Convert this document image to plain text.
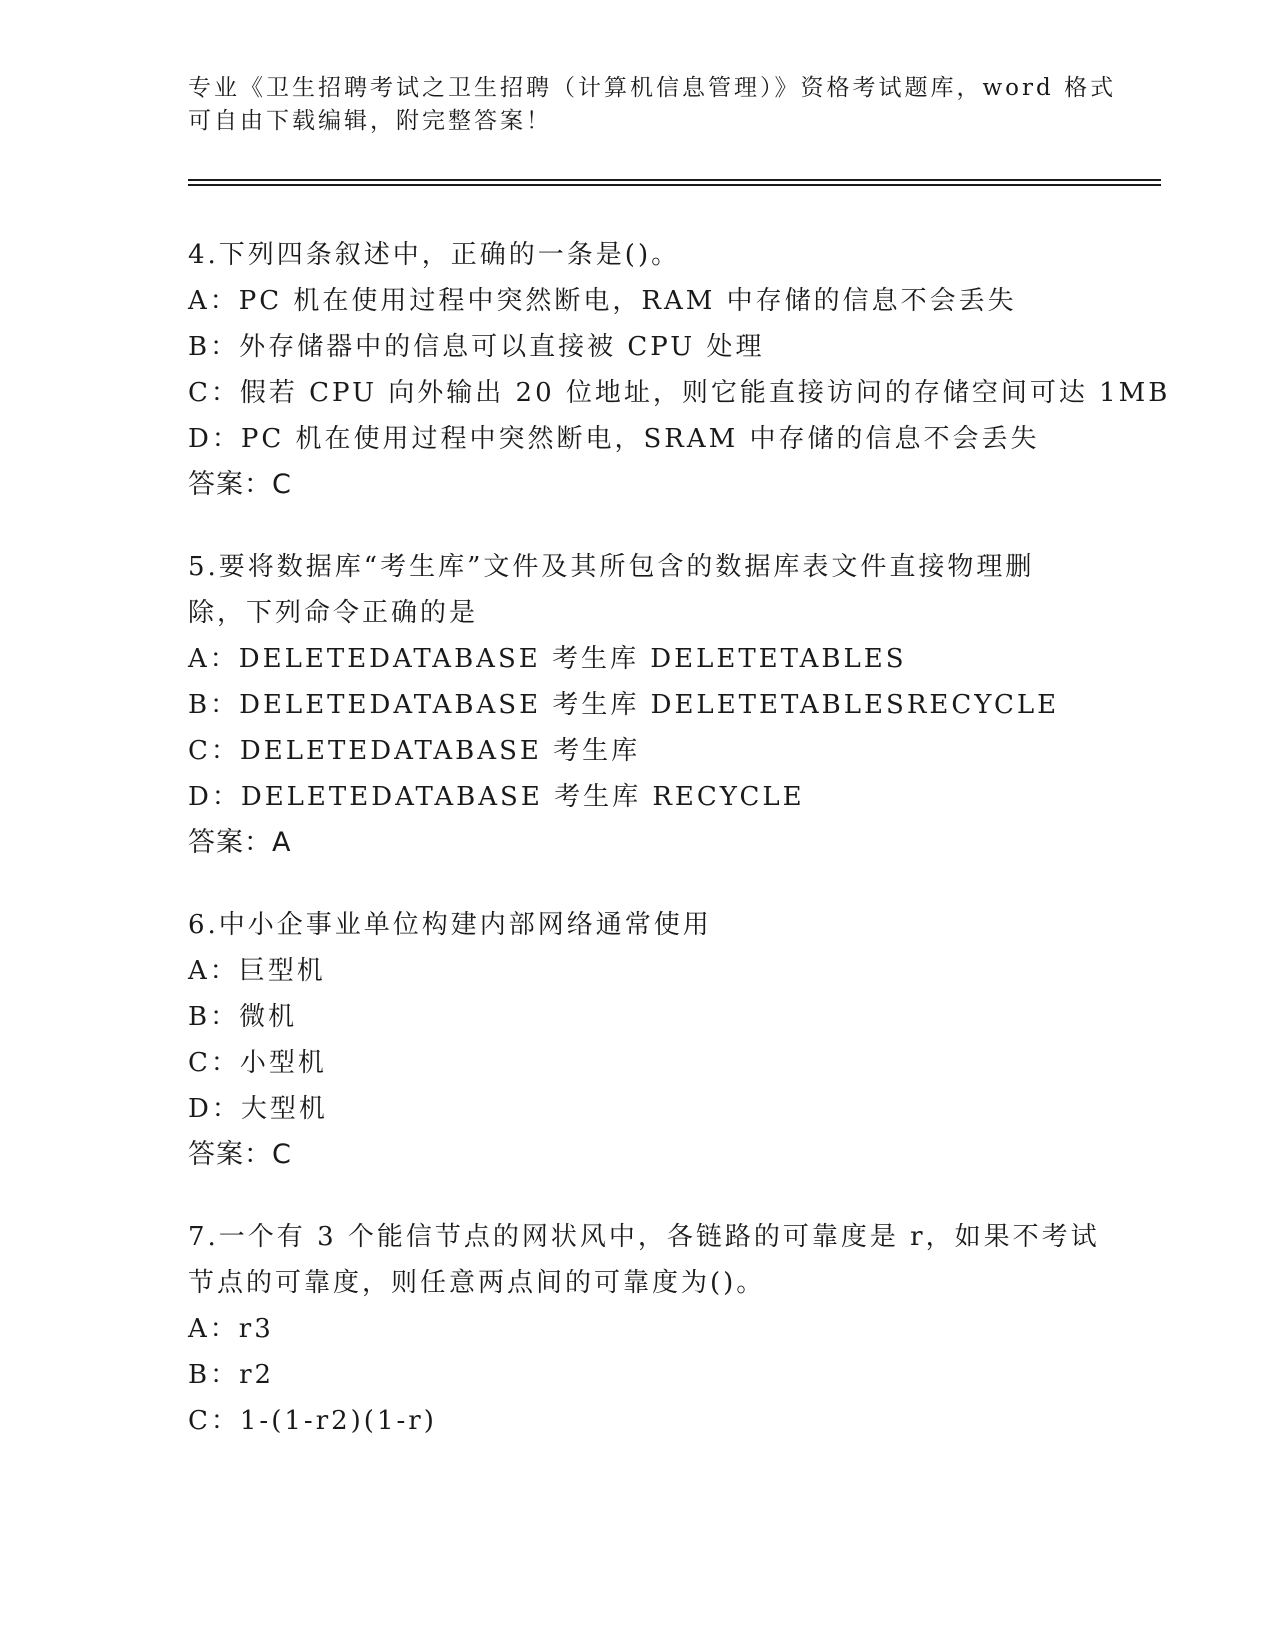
专业《卫生招聘考试之卫生招聘（计算机信息管理）》资格考试题库，word 格式
可自由下载编辑，附完整答案！
4.下列四条叙述中，正确的一条是()。
A：PC 机在使用过程中突然断电，RAM 中存储的信息不会丢失
B：外存储器中的信息可以直接被 CPU 处理
C：假若 CPU 向外输出 20 位地址，则它能直接访问的存储空间可达 1MB
D：PC 机在使用过程中突然断电，SRAM 中存储的信息不会丢失
答案：C
5.要将数据库“考生库”文件及其所包含的数据库表文件直接物理删
除，下列命令正确的是
A：DELETEDATABASE 考生库 DELETETABLES
B：DELETEDATABASE 考生库 DELETETABLESRECYCLE
C：DELETEDATABASE 考生库
D：DELETEDATABASE 考生库 RECYCLE
答案：A
6.中小企事业单位构建内部网络通常使用
A：巨型机
B：微机
C：小型机
D：大型机
答案：C
7.一个有 3 个能信节点的网状风中，各链路的可靠度是 r，如果不考试
节点的可靠度，则任意两点间的可靠度为()。
A：r3
B：r2
C：1-(1-r2)(1-r)
